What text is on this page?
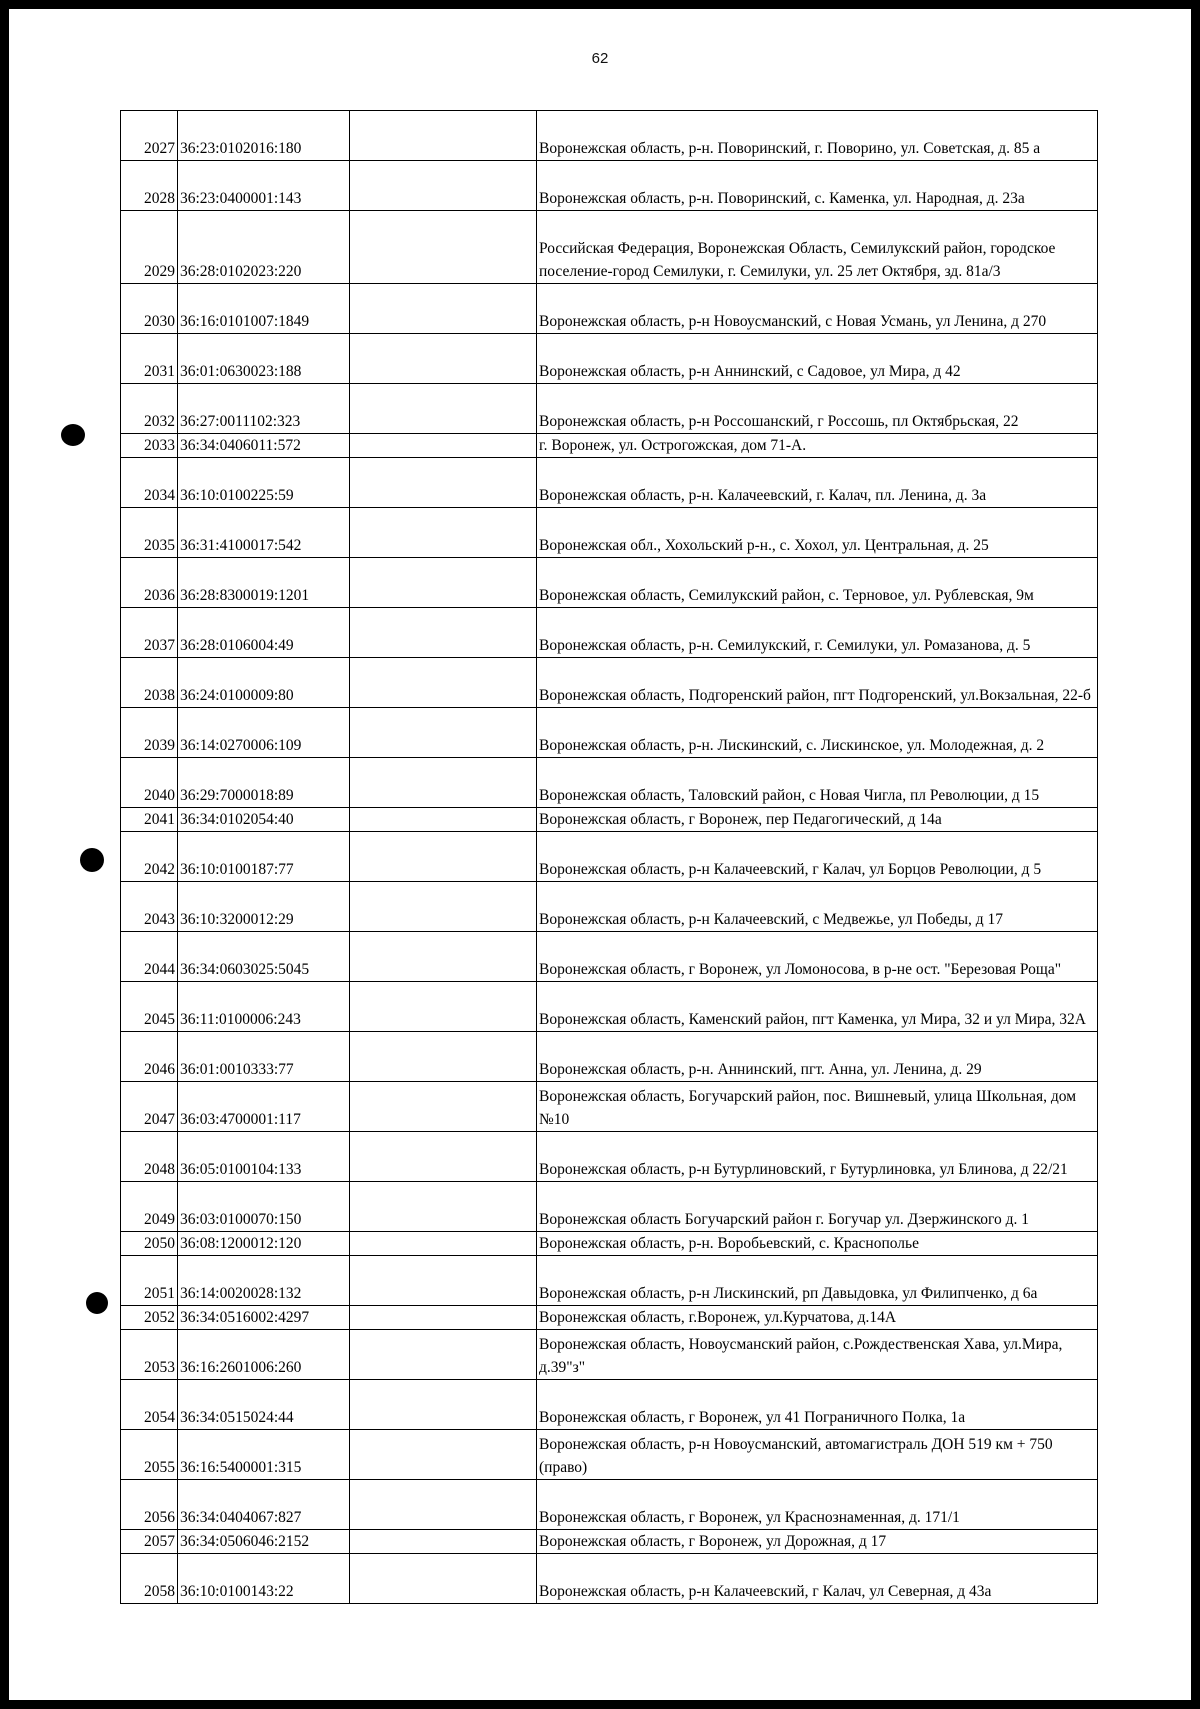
62
2027	36:23:0102016:180		Воронежская область, р-н. Поворинский, г. Поворино, ул. Советская, д. 85 а
2028	36:23:0400001:143		Воронежская область, р-н. Поворинский, с. Каменка, ул. Народная, д. 23а
2029	36:28:0102023:220		Российская Федерация, Воронежская Область, Семилукский район, городское поселение-город Семилуки, г. Семилуки, ул. 25 лет Октября, зд. 81а/3
2030	36:16:0101007:1849		Воронежская область, р-н Новоусманский, с Новая Усмань, ул Ленина, д 270
2031	36:01:0630023:188		Воронежская область, р-н Аннинский, с Садовое, ул Мира, д 42
2032	36:27:0011102:323		Воронежская область, р-н Россошанский, г Россошь, пл Октябрьская, 22
2033	36:34:0406011:572		г. Воронеж, ул. Острогожская, дом 71-А.
2034	36:10:0100225:59		Воронежская область, р-н. Калачеевский, г. Калач, пл. Ленина, д. 3а
2035	36:31:4100017:542		Воронежская обл., Хохольский р-н., с. Хохол, ул. Центральная, д. 25
2036	36:28:8300019:1201		Воронежская область, Семилукский район, с. Терновое, ул. Рублевская, 9м
2037	36:28:0106004:49		Воронежская область, р-н. Семилукский, г. Семилуки, ул. Ромазанова, д. 5
2038	36:24:0100009:80		Воронежская область, Подгоренский район, пгт Подгоренский, ул.Вокзальная, 22-б
2039	36:14:0270006:109		Воронежская область, р-н. Лискинский, с. Лискинское, ул. Молодежная, д. 2
2040	36:29:7000018:89		Воронежская область, Таловский район, с Новая Чигла, пл Революции, д 15
2041	36:34:0102054:40		Воронежская область, г Воронеж, пер Педагогический, д 14а
2042	36:10:0100187:77		Воронежская область, р-н Калачеевский, г Калач, ул Борцов Революции, д 5
2043	36:10:3200012:29		Воронежская область, р-н Калачеевский, с Медвежье, ул Победы, д 17
2044	36:34:0603025:5045		Воронежская область, г Воронеж, ул Ломоносова, в р-не ост. "Березовая Роща"
2045	36:11:0100006:243		Воронежская область, Каменский район, пгт Каменка, ул Мира, 32 и ул Мира, 32А
2046	36:01:0010333:77		Воронежская область, р-н. Аннинский, пгт. Анна, ул. Ленина, д. 29
2047	36:03:4700001:117		Воронежская область, Богучарский район, пос. Вишневый, улица Школьная, дом №10
2048	36:05:0100104:133		Воронежская область, р-н Бутурлиновский, г Бутурлиновка, ул Блинова, д 22/21
2049	36:03:0100070:150		Воронежская область Богучарский район г. Богучар ул. Дзержинского д. 1
2050	36:08:1200012:120		Воронежская область, р-н. Воробьевский, с. Краснополье
2051	36:14:0020028:132		Воронежская область, р-н Лискинский, рп Давыдовка, ул Филипченко, д 6а
2052	36:34:0516002:4297		Воронежская область, г.Воронеж, ул.Курчатова, д.14А
2053	36:16:2601006:260		Воронежская область, Новоусманский район, с.Рождественская Хава, ул.Мира, д.39"з"
2054	36:34:0515024:44		Воронежская область, г Воронеж, ул 41 Пограничного Полка, 1а
2055	36:16:5400001:315		Воронежская область, р-н Новоусманский, автомагистраль ДОН 519 км + 750 (право)
2056	36:34:0404067:827		Воронежская область, г Воронеж, ул Краснознаменная, д. 171/1
2057	36:34:0506046:2152		Воронежская область, г Воронеж, ул Дорожная, д 17
2058	36:10:0100143:22		Воронежская область, р-н Калачеевский, г Калач, ул Северная, д 43а
